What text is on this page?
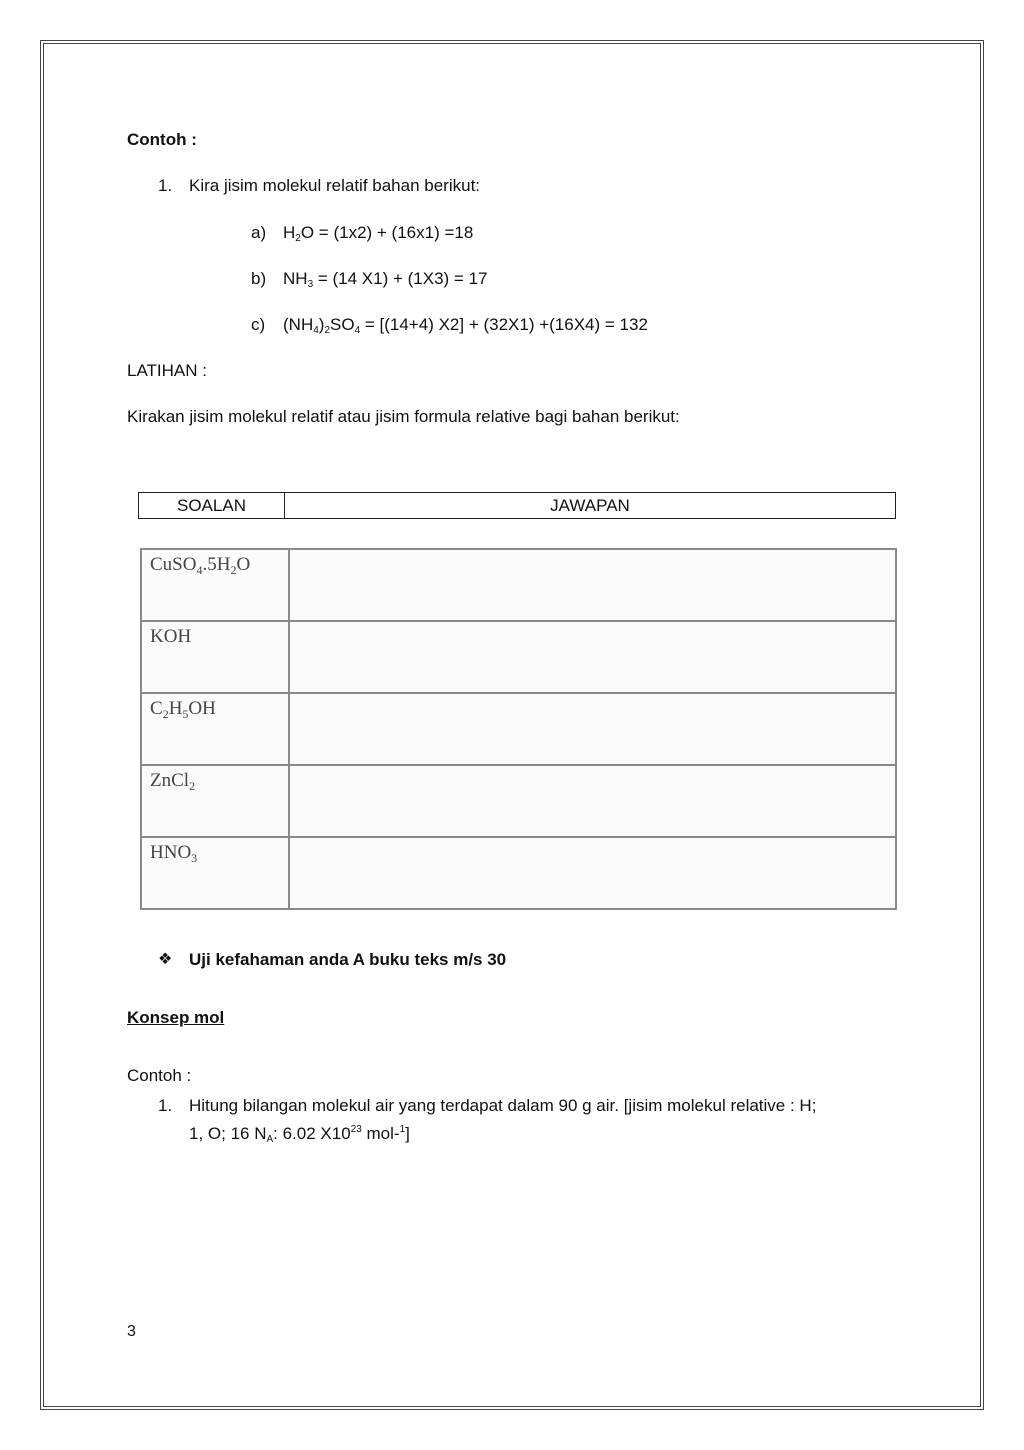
Contoh :
1. Kira jisim molekul relatif bahan berikut:
a) $H_2O = (1x2) + (16x1) =18$
b) $NH_3 = (14$ X1) + (1X3) = 17
c) $(NH_4)_2SO_4 = [(14+4) X2] + (32X1) +(16X4) = 132$
LATIHAN :
Kirakan jisim molekul relatif atau jisim formula relative bagi bahan berikut:
SOALAN	JAWAPAN
$CuSO_4.5H_2O$
KOH
$C_2H_5OH$
ZnCl$_2$
$HNO_3$
❖ Uji kefahaman anda A buku teks m/s 30
Konsep mol
Contoh :
1. Hitung bilangan molekul air yang terdapat dalam 90 g air. [jisim molekul relative : H;
1, O; 16 $N_A$: 6.02 $X10^{23}$ mol-$^1$]
3
